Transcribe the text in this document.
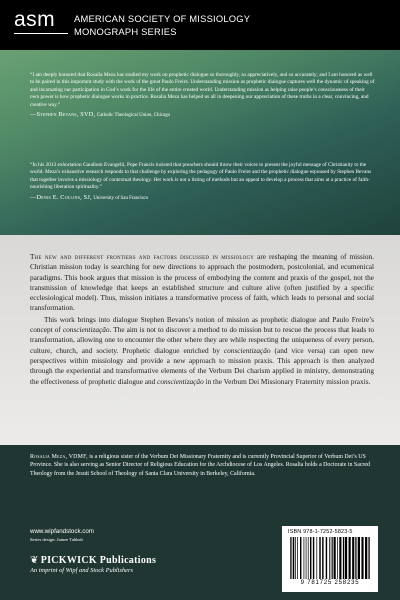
asm AMERICAN SOCIETY OF MISSIOLOGY
MONOGRAPH SERIES
“I am deeply honored that Rosalia Meza has studied my work on prophetic dialogue so thoroughly, so appreciatively, and so accurately; and I am honored as well to be paired in this important study with the work of the great Paulo Freire. Understanding mission as prophetic dialogue captures well the dynamic of speaking of and incarnating our participation in God’s work for the life of the entire created world. Understanding mission as helping raise people’s consciousness of their own power is how prophetic dialogue works in practice. Rosalia Meza has helped us all in deepening our appreciation of these truths in a clear, convincing, and creative way.”
—Stephen Bevans, SVD, Catholic Theological Union, Chicago
“In his 2013 exhortation Gaudium Evangelii, Pope Francis insisted that preachers should throw their voices to present the joyful message of Christianity to the world. Meza’s exhaustive research responds to that challenge by exploring the pedagogy of Paulo Freire and the prophetic dialogue espoused by Stephen Bevans that together involve a missiology of contextual theology. Her work is not a listing of methods but an appeal to develop a process that aims at a practice of faith-nourishing liberation spirituality.”
—Denis E. Collins, SJ, University of San Francisco

The new and different frontiers and factors discussed in missiology are reshaping the meaning of mission. Christian mission today is searching for new directions to approach the postmodern, postcolonial, and ecumenical paradigms. This book argues that mission is the process of embodying the content and praxis of the gospel, not the transmission of knowledge that keeps an established structure and culture alive (often justified by a specific ecclesiological model). Thus, mission initiates a transformative process of faith, which leads to personal and social transformation.

This work brings into dialogue Stephen Bevans’s notion of mission as prophetic dialogue and Paulo Freire’s concept of conscientização. The aim is not to discover a method to do mission but to rescue the process that leads to transformation, allowing one to encounter the other where they are while respecting the uniqueness of every person, culture, church, and society. Prophetic dialogue enriched by conscientização (and vice versa) can open new perspectives within missiology and provide a new approach to mission praxis. This approach is then analyzed through the experiential and transformative elements of the Verbum Dei charism applied in ministry, demonstrating the effectiveness of prophetic dialogue and conscientização in the Verbum Dei Missionary Fraternity mission praxis.

Rosalia Meza, VDMF, is a religious sister of the Verbum Dei Missionary Fraternity and is currently Provincial Superior of Verbum Dei’s US Province. She is also serving as Senior Director of Religious Education for the Archdiocese of Los Angeles. Rosalia holds a Doctorate in Sacred Theology from the Jesuit School of Theology of Santa Clara University in Berkeley, California.
www.wipfandstock.com
Series design: Jamee Tabbah
❦ PICKWICK Publications
An imprint of Wipf and Stock Publishers
ISBN 978-1-7252-5823-5
9 781725 258235
